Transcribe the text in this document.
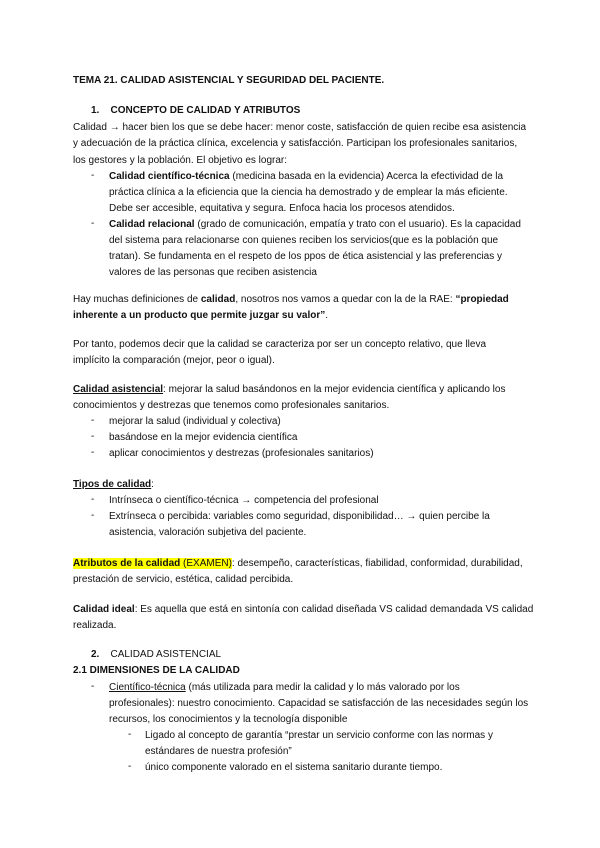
TEMA 21. CALIDAD ASISTENCIAL Y SEGURIDAD DEL PACIENTE.
1. CONCEPTO DE CALIDAD Y ATRIBUTOS
Calidad → hacer bien los que se debe hacer: menor coste, satisfacción de quien recibe esa asistencia
y adecuación de la práctica clínica, excelencia y satisfacción. Participan los profesionales sanitarios,
los gestores y la población. El objetivo es lograr:
- Calidad científico-técnica (medicina basada en la evidencia) Acerca la efectividad de la
práctica clínica a la eficiencia que la ciencia ha demostrado y de emplear la más eficiente.
Debe ser accesible, equitativa y segura. Enfoca hacia los procesos atendidos.
- Calidad relacional (grado de comunicación, empatía y trato con el usuario). Es la capacidad
del sistema para relacionarse con quienes reciben los servicios(que es la población que
tratan). Se fundamenta en el respeto de los ppos de ética asistencial y las preferencias y
valores de las personas que reciben asistencia
Hay muchas definiciones de calidad, nosotros nos vamos a quedar con la de la RAE: “propiedad
inherente a un producto que permite juzgar su valor”.
Por tanto, podemos decir que la calidad se caracteriza por ser un concepto relativo, que lleva
implícito la comparación (mejor, peor o igual).
Calidad asistencial: mejorar la salud basándonos en la mejor evidencia científica y aplicando los
conocimientos y destrezas que tenemos como profesionales sanitarios.
- mejorar la salud (individual y colectiva)
- basándose en la mejor evidencia científica
- aplicar conocimientos y destrezas (profesionales sanitarios)
Tipos de calidad:
- Intrínseca o científico-técnica → competencia del profesional
- Extrínseca o percibida: variables como seguridad, disponibilidad… → quien percibe la
asistencia, valoración subjetiva del paciente.
Atributos de la calidad (EXAMEN): desempeño, características, fiabilidad, conformidad, durabilidad,
prestación de servicio, estética, calidad percibida.
Calidad ideal: Es aquella que está en sintonía con calidad diseñada VS calidad demandada VS calidad
realizada.
2. CALIDAD ASISTENCIAL
2.1 DIMENSIONES DE LA CALIDAD
- Científico-técnica (más utilizada para medir la calidad y lo más valorado por los
profesionales): nuestro conocimiento. Capacidad se satisfacción de las necesidades según los
recursos, los conocimientos y la tecnología disponible
- Ligado al concepto de garantía “prestar un servicio conforme con las normas y
estándares de nuestra profesión”
- único componente valorado en el sistema sanitario durante tiempo.
